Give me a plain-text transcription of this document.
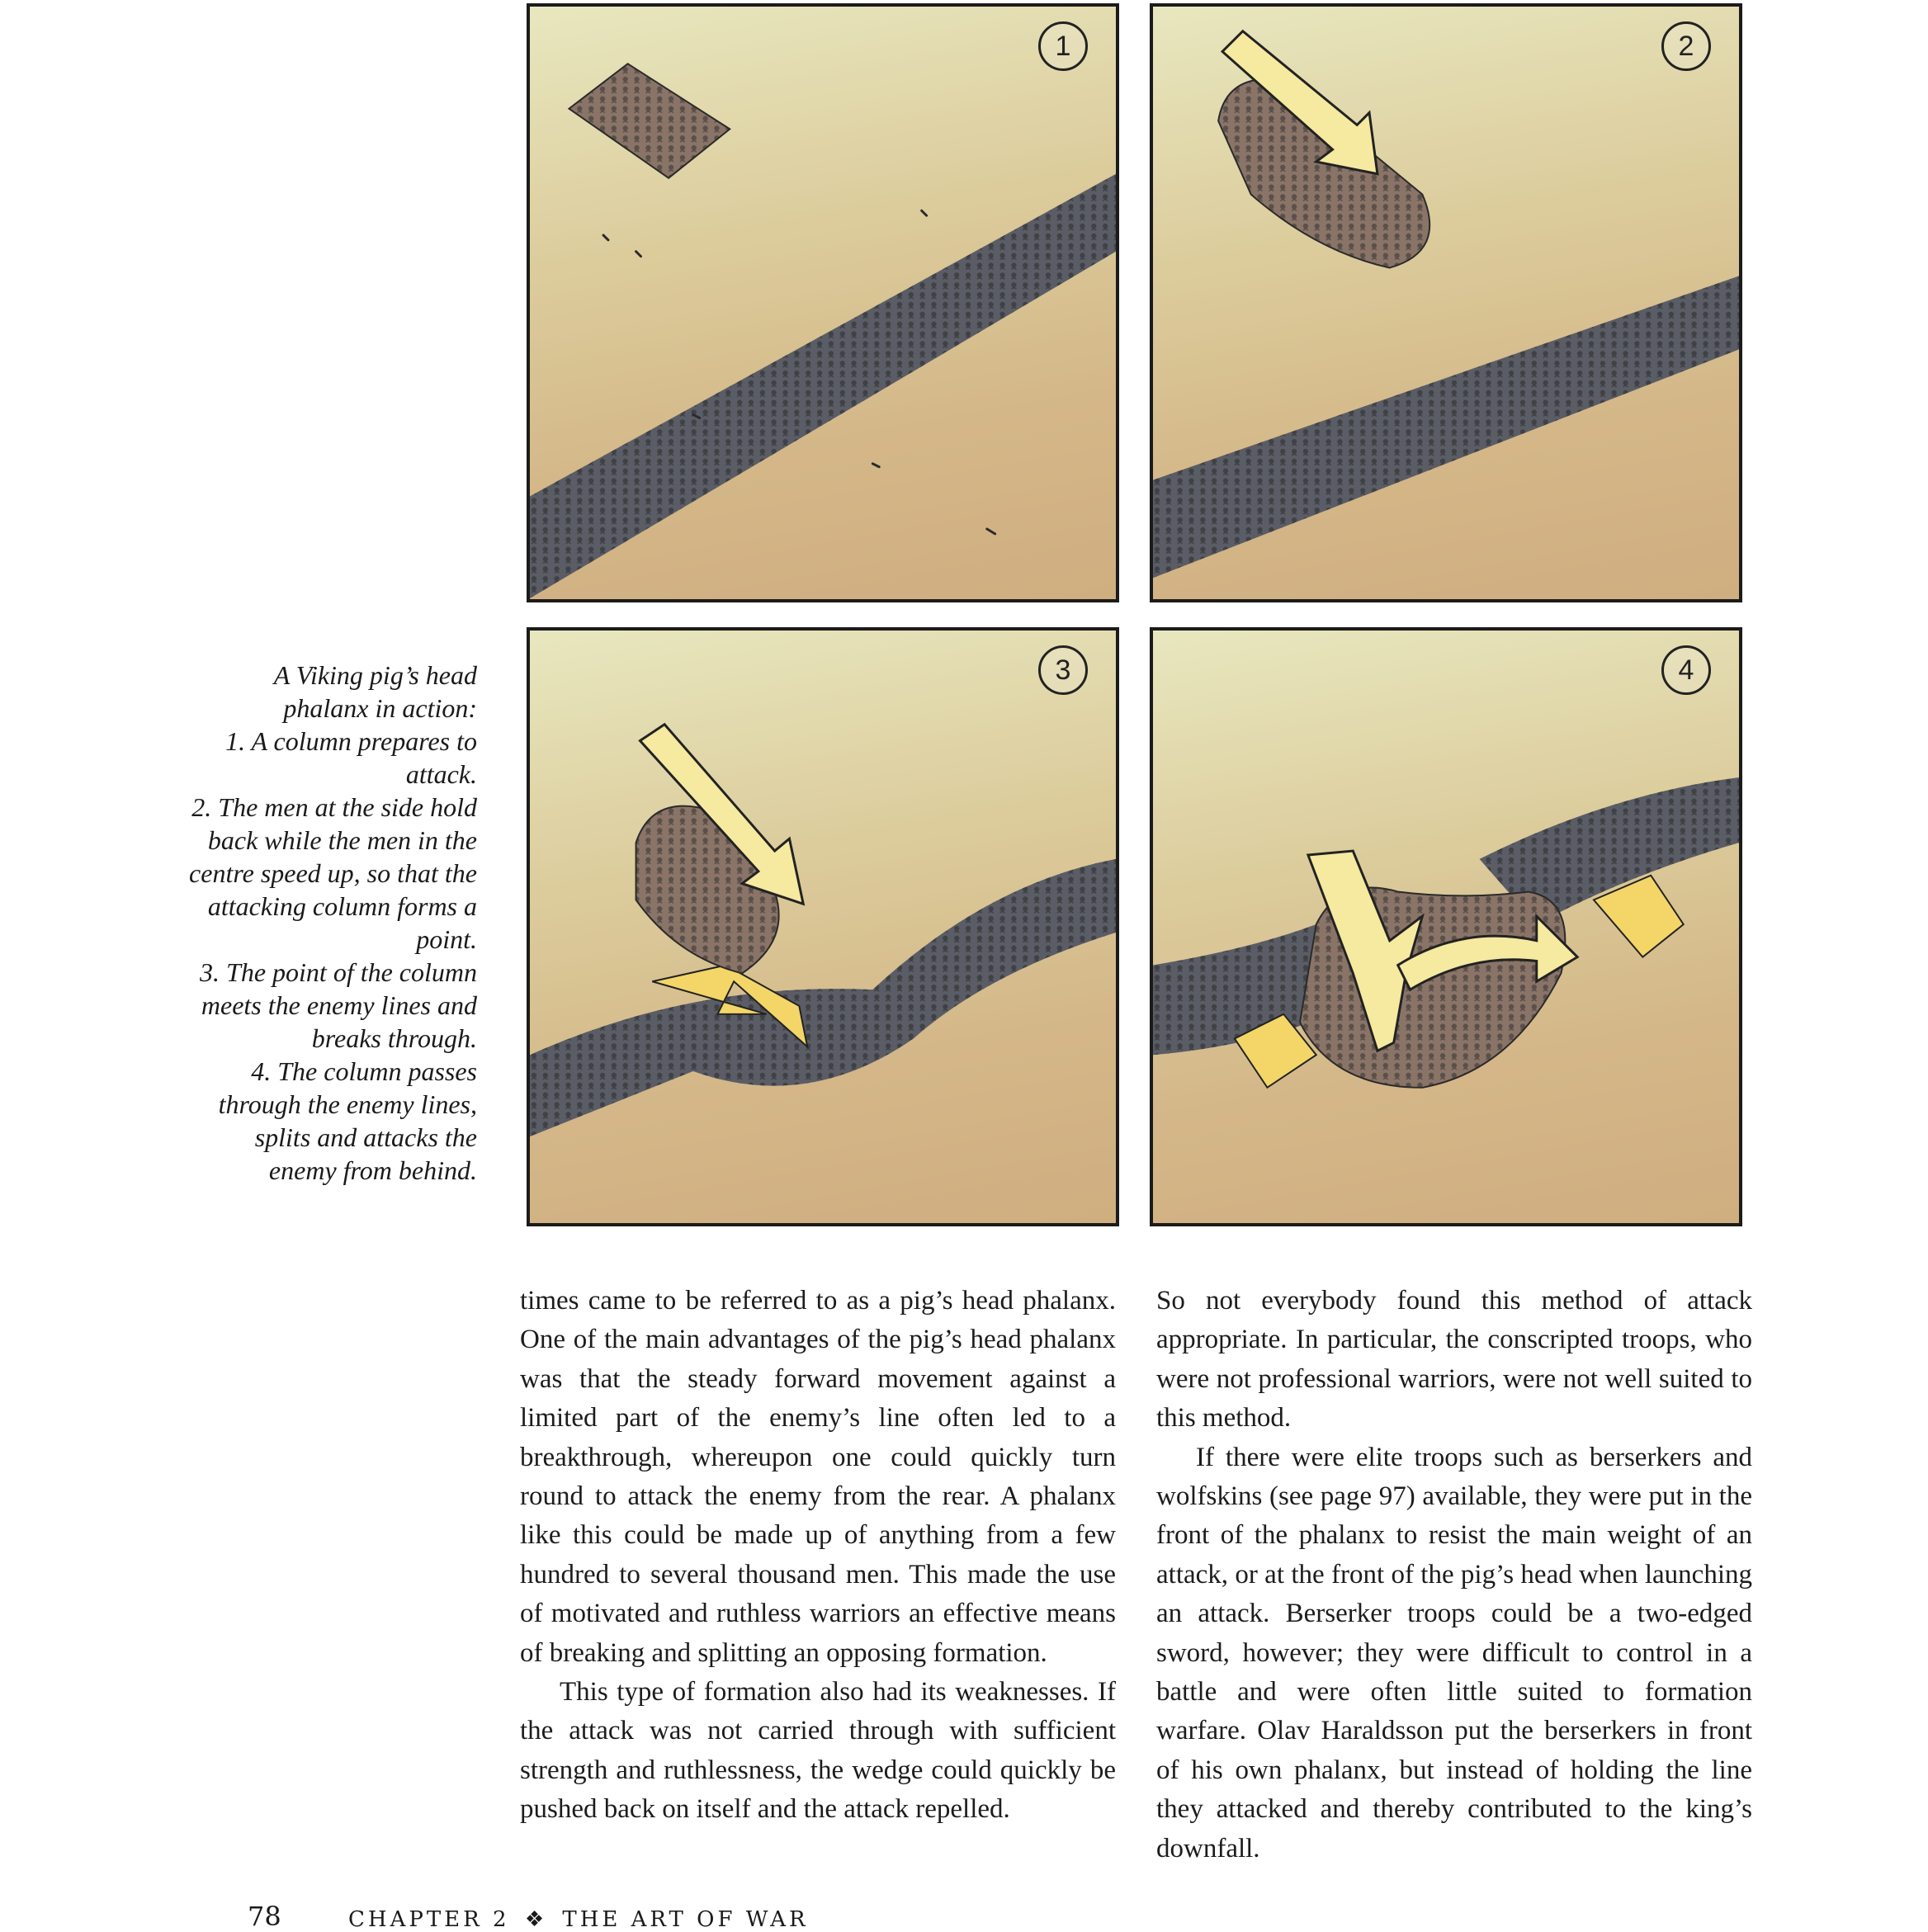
1	2
3	4

A Viking pig’s head

phalanx in action:

1. A column prepares to

attack.

2. The men at the side hold

back while the men in the

centre speed up, so that the

attacking column forms a

point.

3. The point of the column

meets the enemy lines and

breaks through.

4. The column passes

through the enemy lines,

splits and attacks the

enemy from behind.

times came to be referred to as a pig’s head phalanx. One of the main advantages of the pig’s head phalanx was that the steady forward movement against a limited part of the enemy’s line often led to a breakthrough, whereupon one could quickly turn round to attack the enemy from the rear. A phalanx like this could be made up of anything from a few hundred to several thousand men. This made the use of motivated and ruthless warriors an effective means of breaking and splitting an opposing formation.

This type of formation also had its weaknesses. If the attack was not carried through with sufficient strength and ruthlessness, the wedge could quickly be pushed back on itself and the attack repelled.

So not everybody found this method of attack appropriate. In particular, the conscripted troops, who were not professional warriors, were not well suited to this method.

If there were elite troops such as berserkers and wolfskins (see page 97) available, they were put in the front of the phalanx to resist the main weight of an attack, or at the front of the pig’s head when launching an attack. Berserker troops could be a two-edged sword, however; they were difficult to control in a battle and were often little suited to formation warfare. Olav Haraldsson put the berserkers in front of his own phalanx, but instead of holding the line they attacked and thereby contributed to the king’s downfall.

78	CHAPTER 2 ❖ THE ART OF WAR
